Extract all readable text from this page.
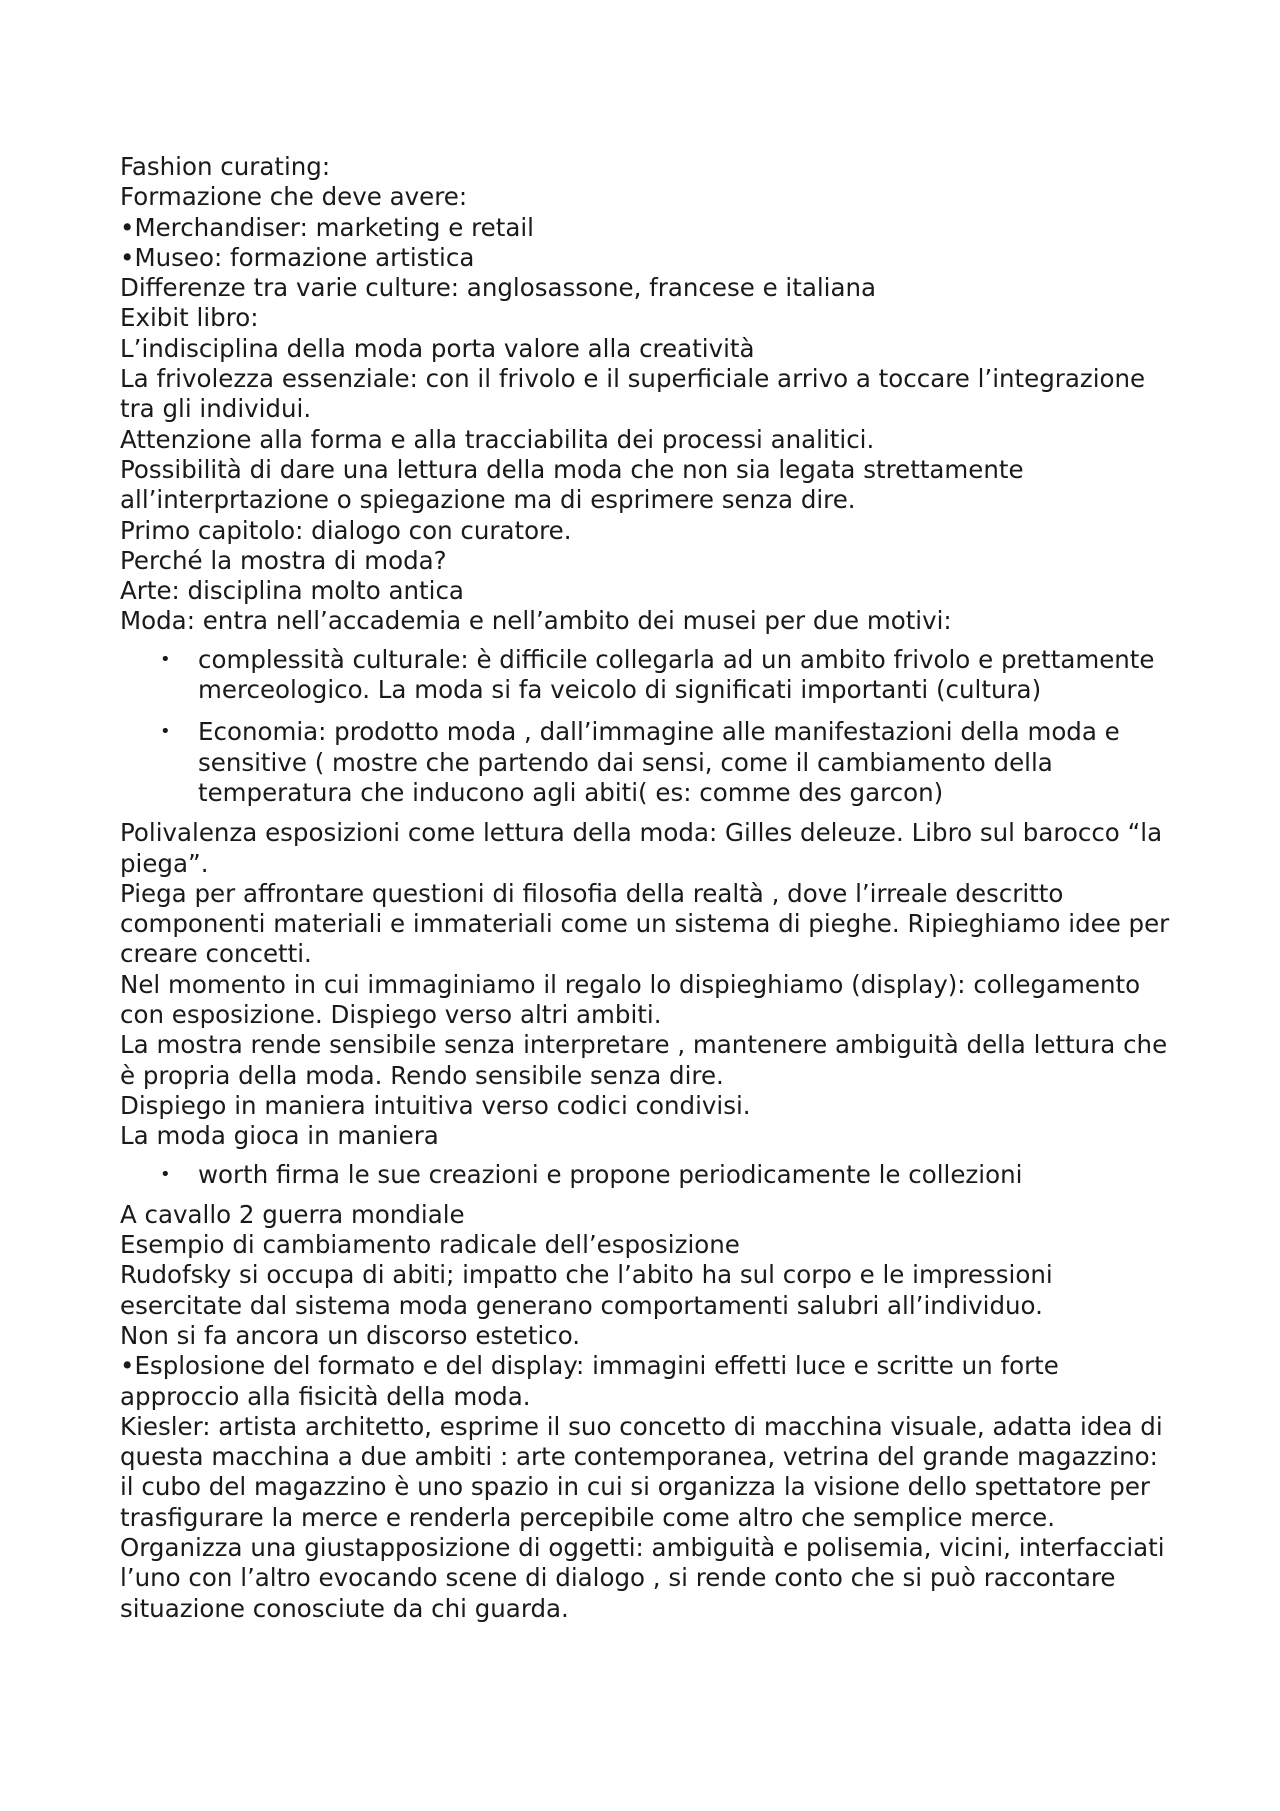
Fashion curating:

Formazione che deve avere:

•Merchandiser: marketing e retail

•Museo: formazione artistica

Differenze tra varie culture: anglosassone, francese e italiana

Exibit libro:

L’indisciplina della moda porta valore alla creatività

La frivolezza essenziale: con il frivolo e il superficiale arrivo a toccare l’integrazione tra gli individui.

Attenzione alla forma e alla tracciabilita dei processi analitici.

Possibilità di dare una lettura della moda che non sia legata strettamente all’interprtazione o spiegazione ma di esprimere senza dire.

Primo capitolo: dialogo con curatore.

Perché la mostra di moda?

Arte: disciplina molto antica

Moda: entra nell’accademia e nell’ambito dei musei per due motivi:

• complessità culturale: è difficile collegarla ad un ambito frivolo e prettamente merceologico. La moda si fa veicolo di significati importanti (cultura)
• Economia: prodotto moda , dall’immagine alle manifestazioni della moda e sensitive ( mostre che partendo dai sensi, come il cambiamento della temperatura che inducono agli abiti( es: comme des garcon)

Polivalenza esposizioni come lettura della moda: Gilles deleuze. Libro sul barocco “la piega”.

Piega per affrontare questioni di filosofia della realtà , dove l’irreale descritto componenti materiali e immateriali come un sistema di pieghe. Ripieghiamo idee per creare concetti.

Nel momento in cui immaginiamo il regalo lo dispieghiamo (display): collegamento con esposizione. Dispiego verso altri ambiti.

La mostra rende sensibile senza interpretare , mantenere ambiguità della lettura che è propria della moda. Rendo sensibile senza dire.

Dispiego in maniera intuitiva verso codici condivisi.

La moda gioca in maniera

• worth firma le sue creazioni e propone periodicamente le collezioni

A cavallo 2 guerra mondiale

Esempio di cambiamento radicale dell’esposizione

Rudofsky si occupa di abiti; impatto che l’abito ha sul corpo e le impressioni esercitate dal sistema moda generano comportamenti salubri all’individuo.

Non si fa ancora un discorso estetico.

•Esplosione del formato e del display: immagini effetti luce e scritte un forte approccio alla fisicità della moda.

Kiesler: artista architetto, esprime il suo concetto di macchina visuale, adatta idea di questa macchina a due ambiti : arte contemporanea, vetrina del grande magazzino: il cubo del magazzino è uno spazio in cui si organizza la visione dello spettatore per trasfigurare la merce e renderla percepibile come altro che semplice merce.

Organizza una giustapposizione di oggetti: ambiguità e polisemia, vicini, interfacciati l’uno con l’altro evocando scene di dialogo , si rende conto che si può raccontare situazione conosciute da chi guarda.
